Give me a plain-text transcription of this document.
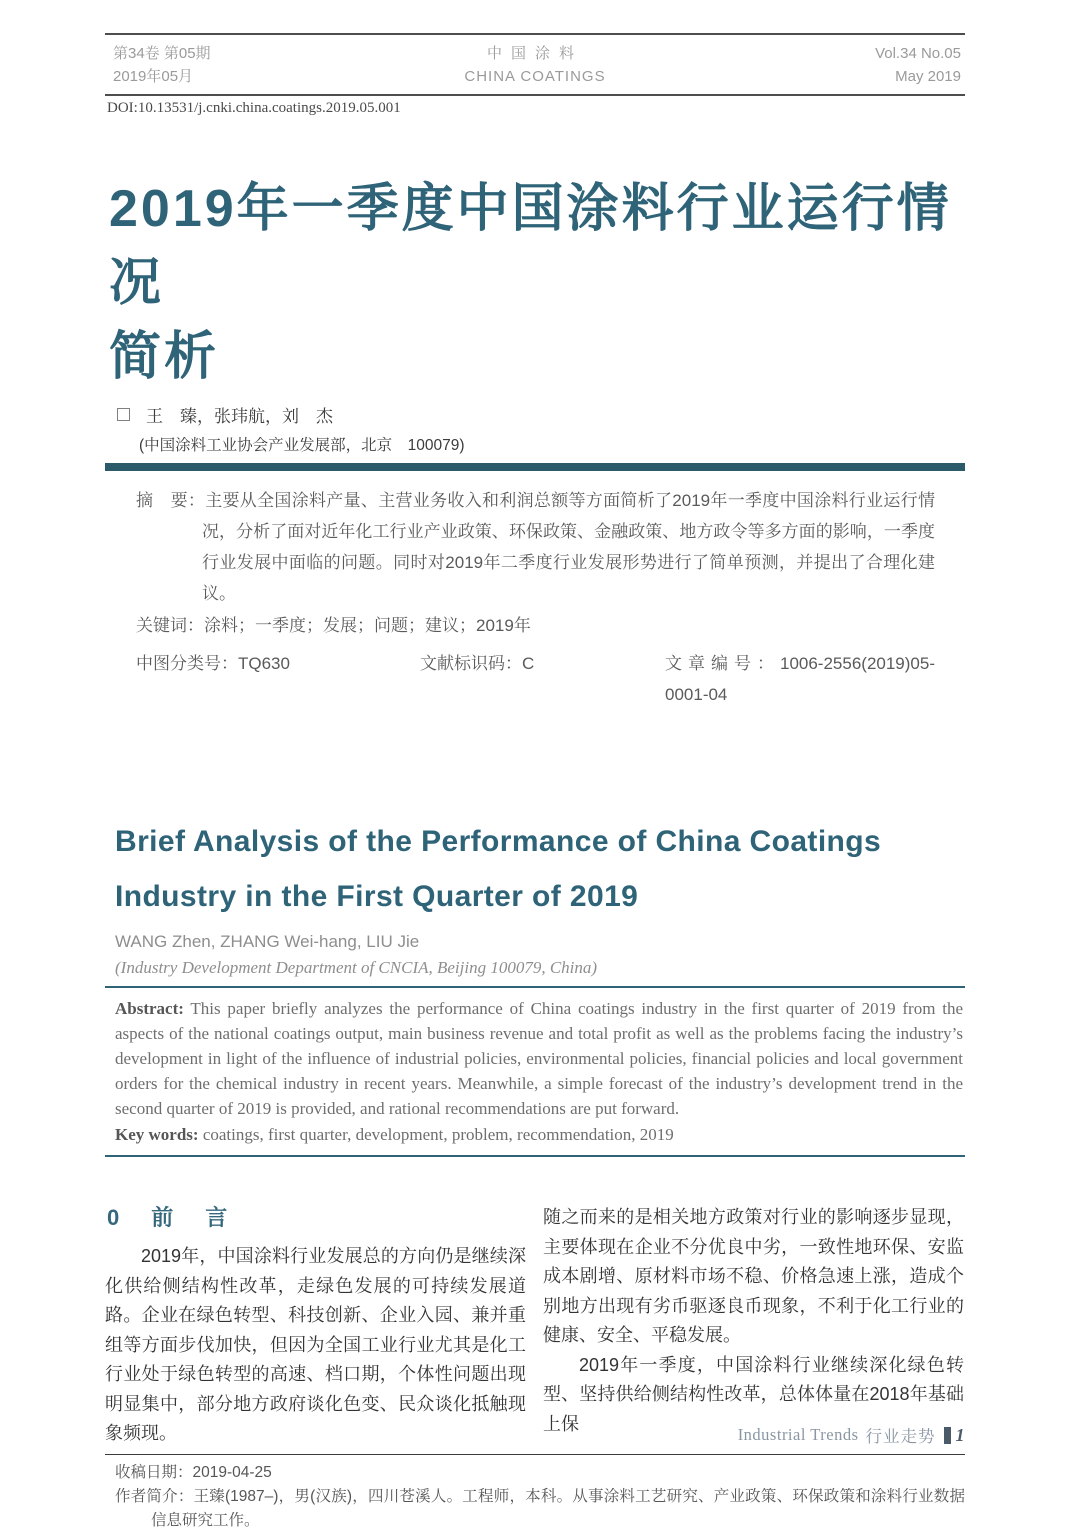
第34卷 第05期
2019年05月
中国涂料
CHINA COATINGS
Vol.34 No.05
May 2019
DOI:10.13531/j.cnki.china.coatings.2019.05.001
2019年一季度中国涂料行业运行情况
简析
王　臻，张玮航，刘　杰
(中国涂料工业协会产业发展部，北京　100079)

摘　要：主要从全国涂料产量、主营业务收入和利润总额等方面简析了2019年一季度中国涂料行业运行情况，分析了面对近年化工行业产业政策、环保政策、金融政策、地方政令等多方面的影响，一季度行业发展中面临的问题。同时对2019年二季度行业发展形势进行了简单预测，并提出了合理化建议。

关键词：涂料；一季度；发展；问题；建议；2019年

中图分类号：TQ630	文献标识码：C	文章编号：1006-2556(2019)05-0001-04
Brief Analysis of the Performance of China Coatings
Industry in the First Quarter of 2019
WANG Zhen, ZHANG Wei-hang, LIU Jie
(Industry Development Department of CNCIA, Beijing 100079, China)

Abstract: This paper briefly analyzes the performance of China coatings industry in the first quarter of 2019 from the aspects of the national coatings output, main business revenue and total profit as well as the problems facing the industry’s development in light of the influence of industrial policies, environmental policies, financial policies and local government orders for the chemical industry in recent years. Meanwhile, a simple forecast of the industry’s development trend in the second quarter of 2019 is provided, and rational recommendations are put forward.

Key words: coatings, first quarter, development, problem, recommendation, 2019

0　前　言

2019年，中国涂料行业发展总的方向仍是继续深化供给侧结构性改革，走绿色发展的可持续发展道路。企业在绿色转型、科技创新、企业入园、兼并重组等方面步伐加快，但因为全国工业行业尤其是化工行业处于绿色转型的高速、档口期，个体性问题出现明显集中，部分地方政府谈化色变、民众谈化抵触现象频现。

随之而来的是相关地方政策对行业的影响逐步显现，主要体现在企业不分优良中劣，一致性地环保、安监成本剧增、原材料市场不稳、价格急速上涨，造成个别地方出现有劣币驱逐良币现象，不利于化工行业的健康、安全、平稳发展。

2019年一季度，中国涂料行业继续深化绿色转型、坚持供给侧结构性改革，总体体量在2018年基础上保

收稿日期：2019-04-25

作者简介：王臻(1987–)，男(汉族)，四川苍溪人。工程师，本科。从事涂料工艺研究、产业政策、环保政策和涂料行业数据信息研究工作。

Industrial Trends 行业走势 1
